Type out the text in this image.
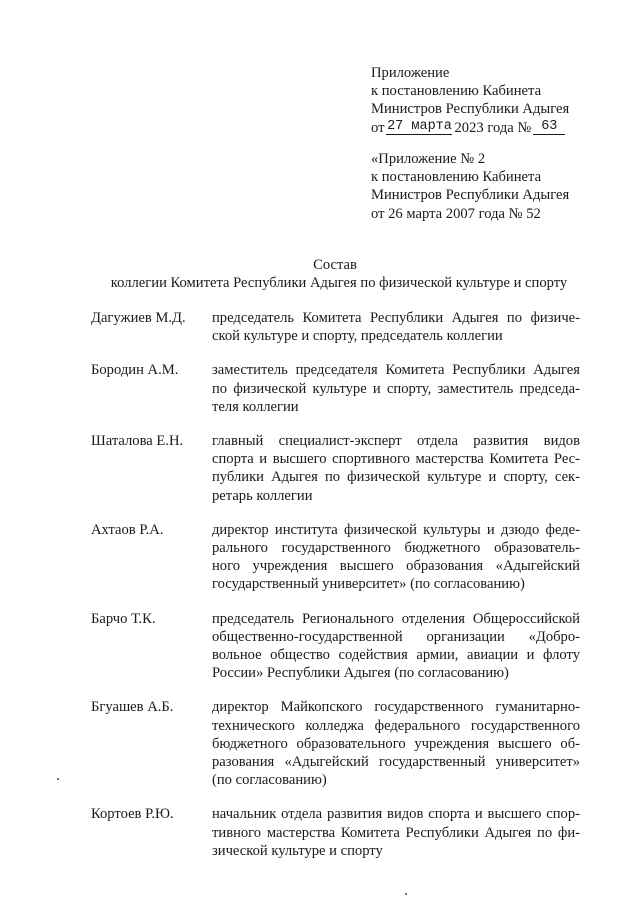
Приложение
к постановлению Кабинета
Министров Республики Адыгея
от 27 марта 2023 года № 63
«Приложение № 2
к постановлению Кабинета
Министров Республики Адыгея
от 26 марта 2007 года № 52
Состав
коллегии Комитета Республики Адыгея по физической культуре и спорту
Дагужиев М.Д. председатель Комитета Республики Адыгея по физиче-
ской культуре и спорту, председатель коллегии
Бородин А.М. заместитель председателя Комитета Республики Адыгея
по физической культуре и спорту, заместитель председа-
теля коллегии
Шаталова Е.Н. главный специалист-эксперт отдела развития видов
спорта и высшего спортивного мастерства Комитета Рес-
публики Адыгея по физической культуре и спорту, сек-
ретарь коллегии
Ахтаов Р.А.	директор института физической культуры и дзюдо феде-
рального государственного бюджетного образователь-
ного учреждения высшего образования «Адыгейский
государственный университет» (по согласованию)
Барчо Т.К.	председатель Регионального отделения Общероссийской
общественно-государственной организации «Добро-
вольное общество содействия армии, авиации и флоту
России» Республики Адыгея (по согласованию)
Бгуашев А.Б.	директор Майкопского государственного гуманитарно-
технического колледжа федерального государственного
бюджетного образовательного учреждения высшего об-
разования «Адыгейский государственный университет»
(по согласованию)
Кортоев Р.Ю.	начальник отдела развития видов спорта и высшего спор-
тивного мастерства Комитета Республики Адыгея по фи-
зической культуре и спорту
